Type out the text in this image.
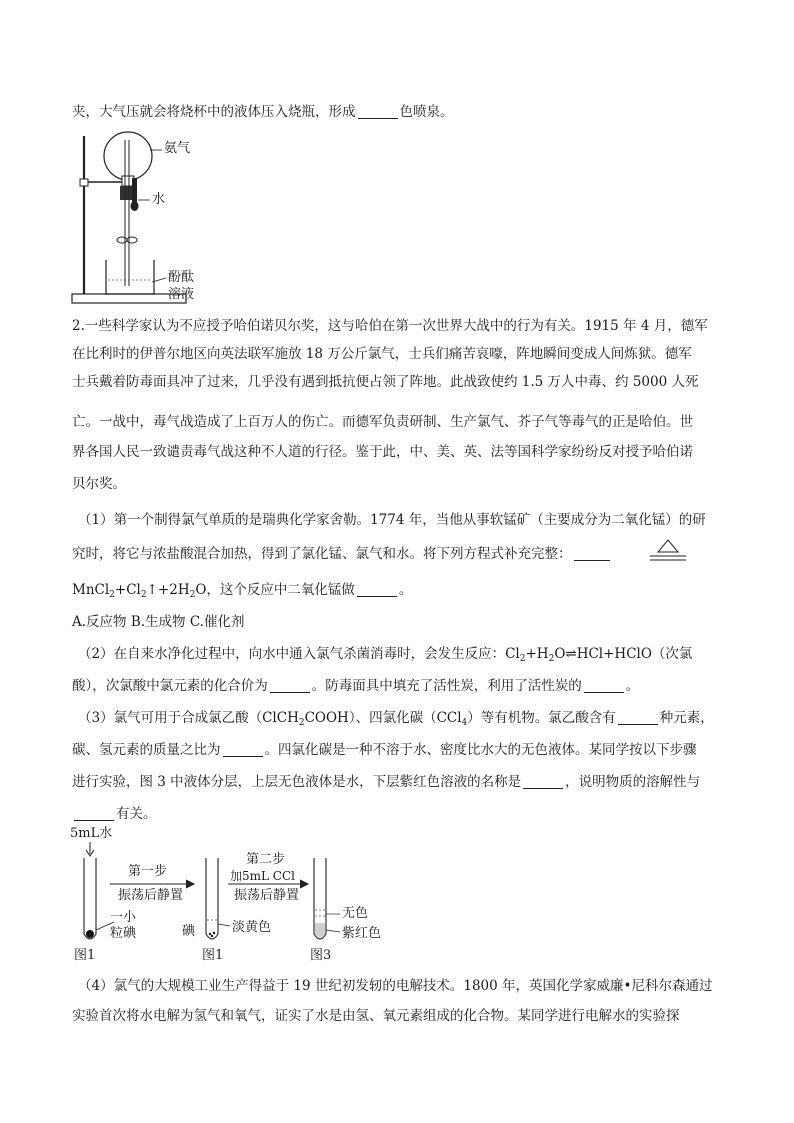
夹，大气压就会将烧杯中的液体压入烧瓶，形成	色喷泉。
氨气
水
酚酞
溶液
2.一些科学家认为不应授予哈伯诺贝尔奖，这与哈伯在第一次世界大战中的行为有关。1915 年 4 月，德军
在比利时的伊普尔地区向英法联军施放 18 万公斤氯气，士兵们痛苦哀嚎，阵地瞬间变成人间炼狱。德军
士兵戴着防毒面具冲了过来，几乎没有遇到抵抗便占领了阵地。此战致使约 1.5 万人中毒、约 5000 人死
亡。一战中，毒气战造成了上百万人的伤亡。而德军负责研制、生产氯气、芥子气等毒气的正是哈伯。世
界各国人民一致谴责毒气战这种不人道的行径。鉴于此，中、美、英、法等国科学家纷纷反对授予哈伯诺
贝尔奖。
（1）第一个制得氯气单质的是瑞典化学家舍勒。1774 年，当他从事软锰矿（主要成分为二氧化锰）的研
究时，将它与浓盐酸混合加热，得到了氯化锰、氯气和水。将下列方程式补充完整：
$MnCl_2+Cl_2↑+2H_2O$，这个反应中二氧化锰做	。
A.反应物 B.生成物 C.催化剂
（2）在自来水净化过程中，向水中通入氯气杀菌消毒时，会发生反应：$Cl_2+H_2O\rightleftharpoons HCl+HClO$（次氯
酸），次氯酸中氯元素的化合价为	。防毒面具中填充了活性炭，利用了活性炭的	。
（3）氯气可用于合成氯乙酸（ClCH$_2$COOH）、四氯化碳（CCl$_4$）等有机物。氯乙酸含有	种元素，
碳、氢元素的质量之比为	。四氯化碳是一种不溶于水、密度比水大的无色液体。某同学按以下步骤
进行实验，图 3 中液体分层，上层无色液体是水，下层紫红色溶液的名称是	，说明物质的溶解性与
有关。
5mL水
第一步
振荡后静置
第二步
加5mL CCl
振荡后静置
一小
粒碘	碘	淡黄色
无色
紫红色
图1	图1	图3
（4）氯气的大规模工业生产得益于 19 世纪初发轫的电解技术。1800 年，英国化学家威廉•尼科尔森通过
实验首次将水电解为氢气和氧气，证实了水是由氢、氧元素组成的化合物。某同学进行电解水的实验探
